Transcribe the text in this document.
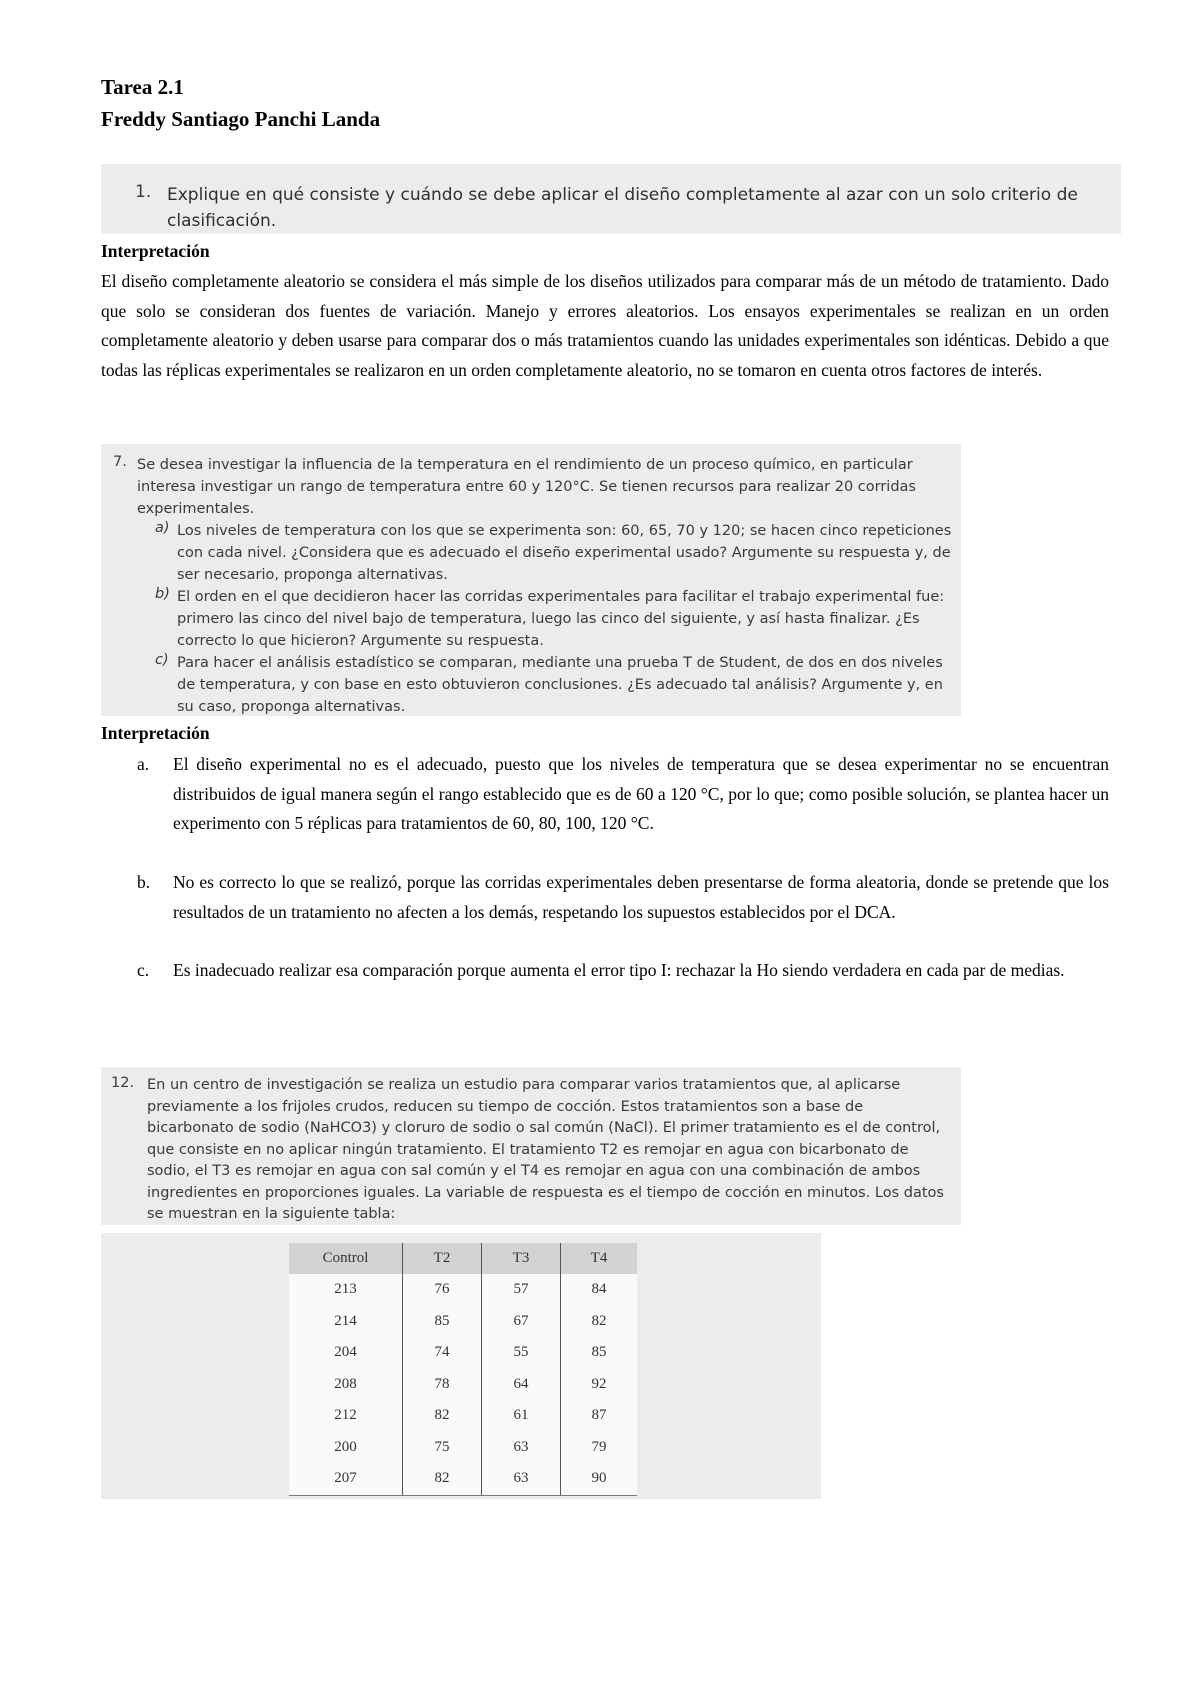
Tarea 2.1
Freddy Santiago Panchi Landa
1. Explique en qué consiste y cuándo se debe aplicar el diseño completamente al azar con un solo criterio de clasificación.
Interpretación
El diseño completamente aleatorio se considera el más simple de los diseños utilizados para comparar más de un método de tratamiento. Dado que solo se consideran dos fuentes de variación. Manejo y errores aleatorios. Los ensayos experimentales se realizan en un orden completamente aleatorio y deben usarse para comparar dos o más tratamientos cuando las unidades experimentales son idénticas. Debido a que todas las réplicas experimentales se realizaron en un orden completamente aleatorio, no se tomaron en cuenta otros factores de interés.
7. Se desea investigar la influencia de la temperatura en el rendimiento de un proceso químico, en particular interesa investigar un rango de temperatura entre 60 y 120°C. Se tienen recursos para realizar 20 corridas experimentales.
a) Los niveles de temperatura con los que se experimenta son: 60, 65, 70 y 120; se hacen cinco repeticiones con cada nivel. ¿Considera que es adecuado el diseño experimental usado? Argumente su respuesta y, de ser necesario, proponga alternativas.
b) El orden en el que decidieron hacer las corridas experimentales para facilitar el trabajo experimental fue: primero las cinco del nivel bajo de temperatura, luego las cinco del siguiente, y así hasta finalizar. ¿Es correcto lo que hicieron? Argumente su respuesta.
c) Para hacer el análisis estadístico se comparan, mediante una prueba T de Student, de dos en dos niveles de temperatura, y con base en esto obtuvieron conclusiones. ¿Es adecuado tal análisis? Argumente y, en su caso, proponga alternativas.
Interpretación
a. El diseño experimental no es el adecuado, puesto que los niveles de temperatura que se desea experimentar no se encuentran distribuidos de igual manera según el rango establecido que es de 60 a 120 °C, por lo que; como posible solución, se plantea hacer un experimento con 5 réplicas para tratamientos de 60, 80, 100, 120 °C.
b. No es correcto lo que se realizó, porque las corridas experimentales deben presentarse de forma aleatoria, donde se pretende que los resultados de un tratamiento no afecten a los demás, respetando los supuestos establecidos por el DCA.
c. Es inadecuado realizar esa comparación porque aumenta el error tipo I: rechazar la Ho siendo verdadera en cada par de medias.
12. En un centro de investigación se realiza un estudio para comparar varios tratamientos que, al aplicarse previamente a los frijoles crudos, reducen su tiempo de cocción. Estos tratamientos son a base de bicarbonato de sodio (NaHCO3) y cloruro de sodio o sal común (NaCl). El primer tratamiento es el de control, que consiste en no aplicar ningún tratamiento. El tratamiento T2 es remojar en agua con bicarbonato de sodio, el T3 es remojar en agua con sal común y el T4 es remojar en agua con una combinación de ambos ingredientes en proporciones iguales. La variable de respuesta es el tiempo de cocción en minutos. Los datos se muestran en la siguiente tabla:
Control	T2	T3	T4
213	76	57	84
214	85	67	82
204	74	55	85
208	78	64	92
212	82	61	87
200	75	63	79
207	82	63	90
